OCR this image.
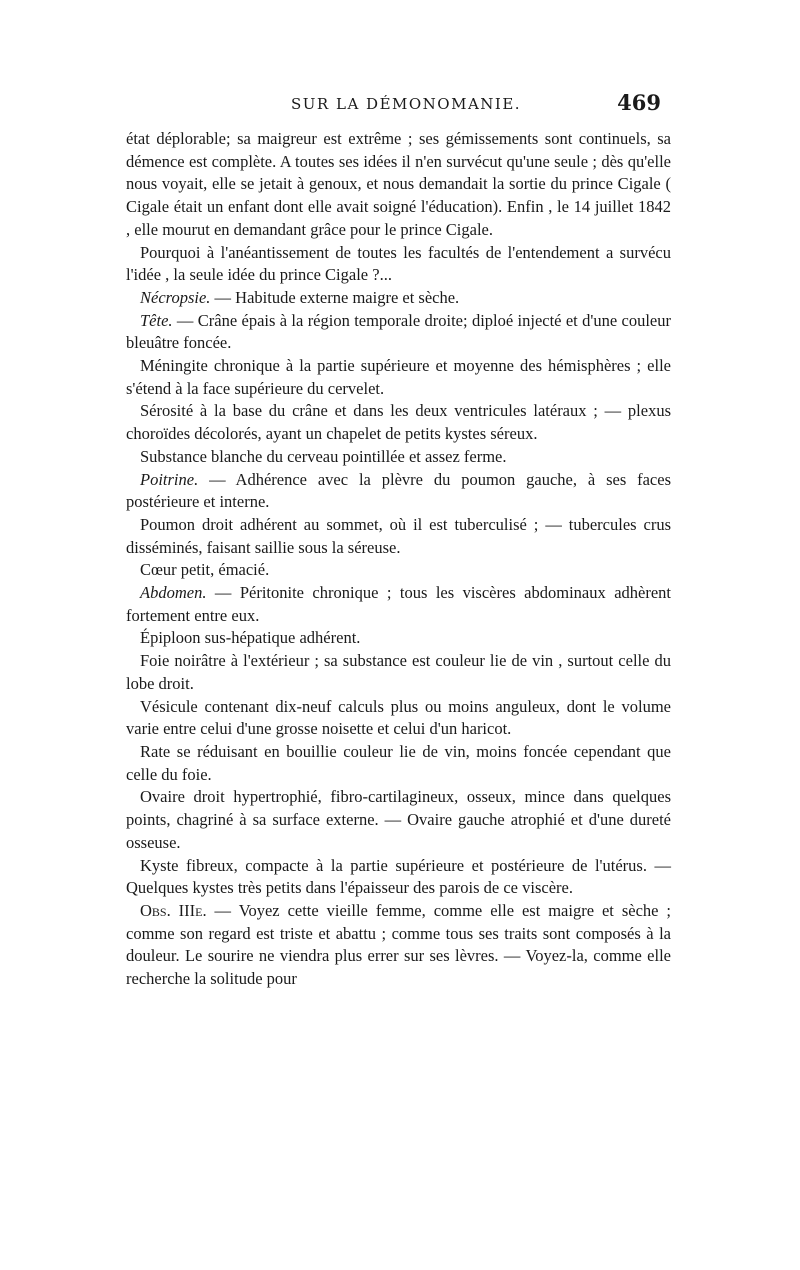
SUR LA DÉMONOMANIE.	469

état déplorable; sa maigreur est extrême ; ses gémissements sont continuels, sa démence est complète. A toutes ses idées il n'en survécut qu'une seule ; dès qu'elle nous voyait, elle se jetait à genoux, et nous demandait la sortie du prince Cigale ( Cigale était un enfant dont elle avait soigné l'éducation). Enfin , le 14 juillet 1842 , elle mourut en demandant grâce pour le prince Cigale.

Pourquoi à l'anéantissement de toutes les facultés de l'entendement a survécu l'idée , la seule idée du prince Cigale ?...

Nécropsie. — Habitude externe maigre et sèche.

Tête. — Crâne épais à la région temporale droite; diploé injecté et d'une couleur bleuâtre foncée.

Méningite chronique à la partie supérieure et moyenne des hémisphères ; elle s'étend à la face supérieure du cervelet.

Sérosité à la base du crâne et dans les deux ventricules latéraux ; — plexus choroïdes décolorés, ayant un chapelet de petits kystes séreux.

Substance blanche du cerveau pointillée et assez ferme.

Poitrine. — Adhérence avec la plèvre du poumon gauche, à ses faces postérieure et interne.

Poumon droit adhérent au sommet, où il est tuberculisé ; — tubercules crus disséminés, faisant saillie sous la séreuse.

Cœur petit, émacié.

Abdomen. — Péritonite chronique ; tous les viscères abdominaux adhèrent fortement entre eux.

Épiploon sus-hépatique adhérent.

Foie noirâtre à l'extérieur ; sa substance est couleur lie de vin , surtout celle du lobe droit.

Vésicule contenant dix-neuf calculs plus ou moins anguleux, dont le volume varie entre celui d'une grosse noisette et celui d'un haricot.

Rate se réduisant en bouillie couleur lie de vin, moins foncée cependant que celle du foie.

Ovaire droit hypertrophié, fibro-cartilagineux, osseux, mince dans quelques points, chagriné à sa surface externe. — Ovaire gauche atrophié et d'une dureté osseuse.

Kyste fibreux, compacte à la partie supérieure et postérieure de l'utérus. — Quelques kystes très petits dans l'épaisseur des parois de ce viscère.

Obs. IIIe. — Voyez cette vieille femme, comme elle est maigre et sèche ; comme son regard est triste et abattu ; comme tous ses traits sont composés à la douleur. Le sourire ne viendra plus errer sur ses lèvres. — Voyez-la, comme elle recherche la solitude pour
